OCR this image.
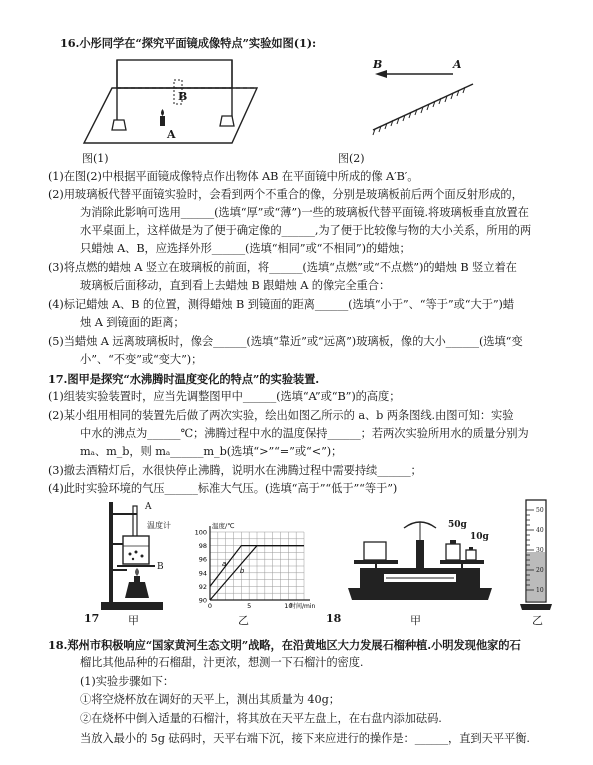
16.小彤同学在“探究平面镜成像特点”实验如图(1):
B
A
图(1)
B	A
图(2)
(1)在图(2)中根据平面镜成像特点作出物体 AB 在平面镜中所成的像 A′B′。
(2)用玻璃板代替平面镜实验时，会看到两个不重合的像，分别是玻璃板前后两个面反射形成的，
为消除此影响可选用______(选填“厚”或“薄”)一些的玻璃板代替平面镜.将玻璃板垂直放置在
水平桌面上，这样做是为了便于确定像的______,为了便于比较像与物的大小关系，所用的两
只蜡烛 A、B，应选择外形______(选填“相同”或“不相同”)的蜡烛；
(3)将点燃的蜡烛 A 竖立在玻璃板的前面，将______(选填“点燃”或“不点燃”)的蜡烛 B 竖立着在
玻璃板后面移动，直到看上去蜡烛 B 跟蜡烛 A 的像完全重合：
(4)标记蜡烛 A、B 的位置，测得蜡烛 B 到镜面的距离______(选填“小于”、“等于”或“大于”)蜡
烛 A 到镜面的距离；
(5)当蜡烛 A 远离玻璃板时，像会______(选填“靠近”或“远离”)玻璃板，像的大小______(选填“变
小”、“不变”或“变大”)；
17.图甲是探究“水沸腾时温度变化的特点”的实验装置.
(1)组装实验装置时，应当先调整图甲中______(选填“A”或“B”)的高度；
(2)某小组用相同的装置先后做了两次实验，绘出如图乙所示的 a、b 两条图线.由图可知：实验
中水的沸点为______℃；沸腾过程中水的温度保持______；若两次实验所用水的质量分别为
mₐ、m_b，则 mₐ______m_b(选填“>”“=”或“<”)；
(3)撤去酒精灯后，水很快停止沸腾，说明水在沸腾过程中需要持续______；
(4)此时实验环境的气压______标准大气压。(选填“高于”“低于”“等于”)
A
温度计
B
17	甲
100
98
96
94
92
90
0	5	10
温度/℃
时间/min
a
b
乙
50g
10g
18	甲
50
40
30
20
10
乙
18.郑州市积极响应“国家黄河生态文明”战略，在沿黄地区大力发展石榴种植.小明发现他家的石
榴比其他品种的石榴甜，汁更浓，想测一下石榴汁的密度.
(1)实验步骤如下：
①将空烧杯放在调好的天平上，测出其质量为 40g；
②在烧杯中倒入适量的石榴汁，将其放在天平左盘上，在右盘内添加砝码.
当放入最小的 5g 砝码时，天平右端下沉，接下来应进行的操作是：______，直到天平平衡.
